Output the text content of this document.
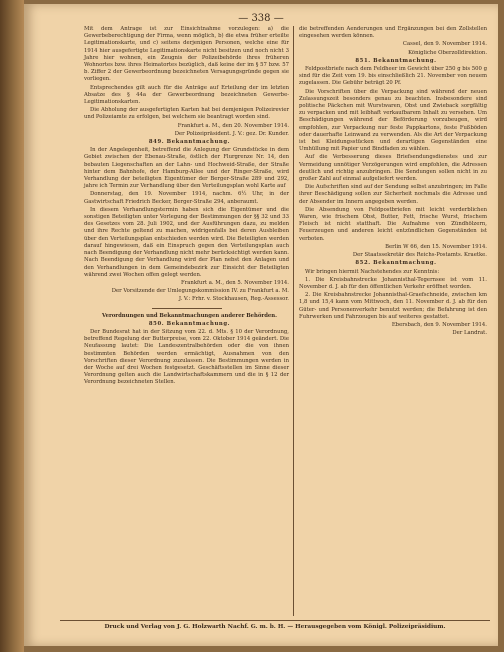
— 338 —

Mit dem Antrage ist zur Einsichtnahme vorzulegen: a) die Gewerbeberechtigung der Firma, wenn möglich, b) die etwa früher erteilte Legitimationskarte, und c) seitens derjenigen Personen, welche eine für 1914 hier ausgefertigte Legitimationskarte nicht besitzen und noch nicht 3 Jahre hier wohnen, ein Zeugnis der Polizeibehörde ihres früheren Wohnortes bzw. ihres Heimatortes bezüglich, daß keine der im § 57 bzw. 57 b. Ziffer 2 der Gewerbeordnung bezeichneten Versagungsgründe gegen sie vorliegen.

Entsprechendes gilt auch für die Anträge auf Erteilung der im letzten Absatze des § 44a der Gewerbeordnung bezeichneten Gewerbe-Legitimationskarten.

Die Abholung der ausgefertigten Karten hat bei demjenigen Polizeirevier und Polizeiamte zu erfolgen, bei welchem sie beantragt worden sind.

Frankfurt a. M., den 20. November 1914.

Der Polizeipräsident. J. V.: gez. Dr. Kunder.

849. Bekanntmachung.

In der Angelegenheit, betreffend die Anlegung der Grundstücke in dem Gebiet zwischen der Ebenau-Straße, östlich der Flurgrenze Nr. 14, den bebauten Liegenschaften an der Lahn- und Hochweid-Straße, der Straße hinter dem Bahnhofe, der Hamburg-Allee und der Ringer-Straße, wird Verhandlung der beteiligten Eigentümer der Berger-Straße 289 und 292, jahre ich Termin zur Verhandlung über den Verteilungsplan wohl Karte auf

Donnerstag, den 19. November 1914, nachm. 6½ Uhr, in der Gastwirtschaft Friedrich Becker, Berger-Straße 294, anberaumt.

In diesem Verhandlungstermin haben sich die Eigentümer und die sonstigen Beteiligten unter Vorlegung der Bestimmungen der §§ 32 und 33 des Gesetzes vom 28. Juli 1902, und der Ausführungen dazu, zu melden und ihre Rechte geltend zu machen, widrigenfalls bei deren Ausbleiben über den Verteilungsplan entschieden werden wird. Die Beteiligten werden darauf hingewiesen, daß ein Einspruch gegen den Verteilungsplan auch nach Beendigung der Verhandlung nicht mehr berücksichtigt werden kann. Nach Beendigung der Verhandlung wird der Plan nebst den Anlagen und den Verhandlungen in dem Gemeindebezirk zur Einsicht der Beteiligten während zwei Wochen offen gelegt werden.

Frankfurt a. M., den 5. November 1914.

Der Vorsitzende der Umlegungskommission IV. zu Frankfurt a. M.

J. V.: Frhr. v. Stockhausen, Reg.-Assessor.

Verordnungen und Bekanntmachungen anderer Behörden.

850. Bekanntmachung.

Der Bundesrat hat in der Sitzung vom 22. d. Mts. § 10 der Verordnung, betreffend Regelung der Butterpreise, vom 22. Oktober 1914 geändert. Die Neufassung lautet: Die Landeszentralbehörden oder die von ihnen bestimmten Behörden werden ermächtigt, Ausnahmen von den Vorschriften dieser Verordnung zuzulassen. Die Bestimmungen werden in der Woche auf drei Wochen festgesetzt. Geschäftsstellen im Sinne dieser Verordnung gelten auch die Landwirtschaftskammern und die in § 12 der Verordnung bezeichneten Stellen.

die betreffenden Aenderungen und Ergänzungen bei den Zollstellen eingesehen werden können.

Cassel, den 9. November 1914.

Königliche Oberzolldirektion.

851. Bekanntmachung.

Feldpostbriefe nach dem Feldheer im Gewicht über 250 g bis 500 g sind für die Zeit vom 19. bis einschließlich 21. November von neuem zugelassen. Die Gebühr beträgt 20 Pf.

Die Vorschriften über die Verpackung sind während der neuen Zulassungszeit besonders genau zu beachten. Insbesondere sind politische Päckchen mit Wurstwaren, Obst und Zwieback sorgfältig zu verpacken und mit leibhaft verkaufbarem Inhalt zu versehen. Um Beschädigungen während der Beförderung vorzubeugen, wird empfohlen, zur Verpackung nur feste Pappkartons, feste Fußböden oder dauerhafte Leinwand zu verwenden. Als die Art der Verpackung ist bei Kleidungsstücken und derartigen Gegenständen eine Umhüllung mit Papier und Bindfaden zu wählen.

Auf die Verbesserung dieses Briefsendungsdienstes und zur Vermeidung unnötiger Verzögerungen wird empfohlen, die Adressen deutlich und richtig anzubringen. Die Sendungen sollen nicht in zu großer Zahl auf einmal aufgeliefert werden.

Die Aufschriften sind auf der Sendung selbst anzubringen; im Falle ihrer Beschädigung sollen zur Sicherheit nochmals die Adresse und der Absender im Innern angegeben werden.

Die Absendung von Feldpostbriefen mit leicht verderblichen Waren, wie frischem Obst, Butter, Fett, frische Wurst, frischem Fleisch ist nicht statthaft. Die Aufnahme von Zündhölzern, Feuerzeugen und anderen leicht entzündlichen Gegenständen ist verboten.

Berlin W 66, den 15. November 1914.

Der Staatssekretär des Reichs-Postamts. Kraetke.

852. Bekanntmachung.

Wir bringen hiermit Nachstehendes zur Kenntnis:

1. Die Kreisbahnstrecke Johannisthal-Tegernsee ist vom 11. November d. J. ab für den öffentlichen Verkehr eröffnet worden.

2. Die Kreisbahnstrecke Johannisthal-Graefschneide, zwischen km 1,8 und 15,4 kann vom Mittwoch, den 11. November d. J. ab für den Güter- und Personenverkehr benutzt werden; die Befahrung ist den Fuhrwerken und Fahrzeugen bis auf weiteres gestattet.

Ebersbach, den 9. November 1914.

Der Landrat.

Druck und Verlag von J. G. Holzwarth Nachf. G. m. b. H. — Herausgegeben vom Königl. Polizeipräsidium.
